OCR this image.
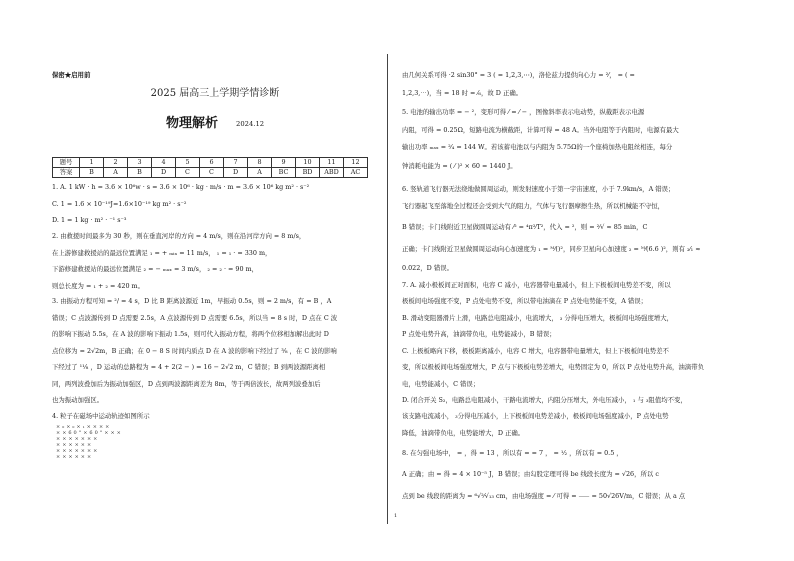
保密★启用前
2025 届高三上学期学情诊断
物理解析	2024.12
题号	1	2	3	4	5	6	7	8	9	10	11	12
答案	B	A	B	D	C	C	D	A	BC	BD	ABD	AC
1. A. 1 kW · h = 3.6 × 10⁶w · s = 3.6 × 10⁶ · kg · m/s · m = 3.6 × 10⁶ kg m² · s⁻²
C. 1 = 1.6 × 10⁻¹⁹J=1.6×10⁻¹⁹ kg m² · s⁻²
D. 1 = 1 kg · m² · ⁻¹ s⁻³
2. 由救援时间最多为 30 秒，则在垂直河岸的方向 = 4 m/s，则在沿河岸方向 = 8 m/s，
在上游修建救援站的最远位置满足 ₁ = + ₘᵢₙ = 11 m/s， ₁ = ₁ · = 330 m，
下游修建救援站的最远位置满足 ₂ = − ₘₐₓ = 3 m/s， ₂ = ₂ · = 90 m，
则总长度为 = ₁ + ₂ = 420 m。
3. 由振动方程可知 = ²/ = 4 s，D 比 B 距离波源近 1m，早振动 0.5s，则 = 2 m/s，有 = B ，A
错误；C 点波源传到 D 点需要 2.5s，A 点波源传到 D 点需要 6.5s，所以当 = 8 s 时，D 点在 C 波
的影响下振动 5.5s，在 A 波的影响下振动 1.5s，则可代入振动方程，将两个位移相加解出此时 D
点位移为 = 2√2m，B 正确；在 0 − 8 S 时间内质点 D 在 A 波的影响下经过了 ³⁄₈ ，在 C 波的影响
下经过了 ¹¹⁄₈ ，D 运动的总路程为 = 4 + 2(2 − ) = 16 − 2√2 m，C 错误；B 到两波源距离相
同，两列波叠加后为振动加强区，D 点到两波源距离差为 8m，等于两倍波长，故两列波叠加后
也为振动加强区。
4. 粒子在磁场中运动轨迹如图所示
×₀×₀×₁××××
××60°×60°×××
×××××××
××××××
×××××××
××××××
由几何关系可得 ·2 sin30° = 3 ( = 1,2,3,⋯)，洛伦兹力提供向心力 = ²⁄， = ( =
1,2,3,⋯)，当 = 18 时 = ⁄₆，故 D 正确。
5. 电池的输出功率 = − ²，变形可得 ⁄ = ⁄ − ，图像斜率表示电动势，纵截距表示电源
内阻，可得 = 0.25Ω，短路电流为横截距，计算可得 = 48 A。当外电阻等于内阻时，电源有最大
输出功率 ₘₐₓ = ²⁄₄ = 144 W。若该蓄电池以与内阻为 5.75Ω的一个座椅加热电阻丝相连，每分
钟消耗电能为 = ( ⁄ )² × 60 = 1440 J。
6. 竖轨道飞行器无法绕地做圆周运动，则发射速度小于第一宇宙速度，小于 7.9km/s，A 错误；
飞行器起飞至落地全过程还会受到大气的阻力，气体与飞行器摩擦生热，所以机械能不守恒，
B 错误；卡门线附近卫星做圆周运动有 ⁄² = ⁴π²⁄T²，代入 = ²，则 = ²⁄√ ≈ 85 min，C
正确；卡门线附近卫星做圆周运动向心加速度为 ₁ = ᴹ⁄()²，同步卫星向心加速度 ₂ = ᴹ⁄(6.6 )²，则有 ₂⁄₁ ≈
0.022，D 错误。
7. A. 减小极板间正对面积，电容 C 减小，电容器带电量减小，但上下极板间电势差不变，所以
极板间电场强度不变，P 点处电势不变，所以带电油滴在 P 点处电势能不变，A 错误；
B. 滑动变阻器滑片上滑，电路总电阻减小，电流增大， ₃ 分得电压增大，极板间电场强度增大，
P 点处电势升高，油滴带负电，电势能减小，B 错误；
C. 上极板略向下移，极板距离减小，电容 C 增大，电容器带电量增大，但上下极板间电势差不
变，所以极板间电场强度增大，P 点与下极板电势差增大，电势固定为 0，所以 P 点处电势升高，油滴带负
电，电势能减小，C 错误；
D. 闭合开关 S₂，电路总电阻减小，干路电流增大，内阻分压增大，外电压减小， ₁ 与 ₃阻值均不变，
该支路电流减小， ₃分得电压减小，上下极板间电势差减小，极板间电场强度减小，P 点处电势
降低，油滴带负电，电势能增大，D 正确。
8. 在匀强电场中， = ，得 = 13 ，所以有 = = 7 ， = ¹⁄₂ ，所以有 = 0.5 ，
A 正确；由 = 得 = 4 × 10⁻⁵ J，B 错误；由勾股定理可得 be 线段长度为 = √26，所以 c
点到 be 线段的距离为 = ⁶√²⁄√₁₃ cm，由电场强度 = ⁄ 可得 = ⸺ = 50√26V/m，C 错误；从 a 点
1
